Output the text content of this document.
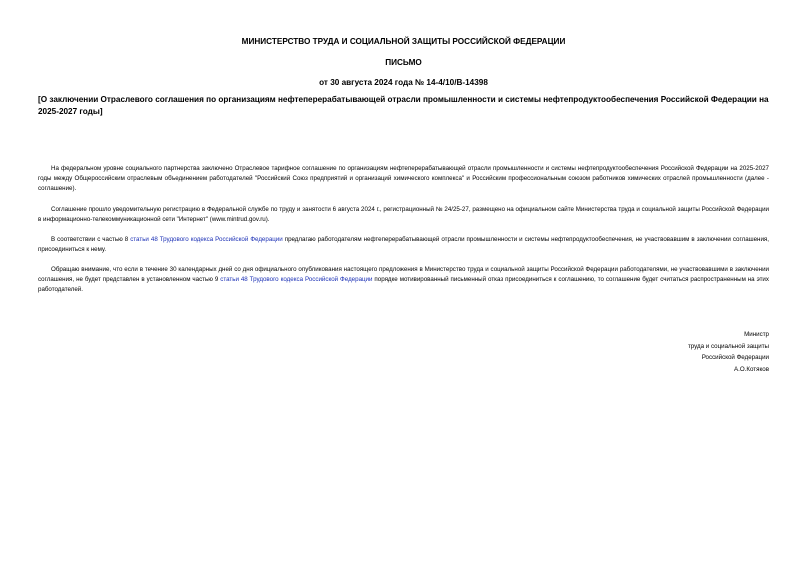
МИНИСТЕРСТВО ТРУДА И СОЦИАЛЬНОЙ ЗАЩИТЫ РОССИЙСКОЙ ФЕДЕРАЦИИ
ПИСЬМО
от 30 августа 2024 года № 14-4/10/В-14398
[О заключении Отраслевого соглашения по организациям нефтеперерабатывающей отрасли промышленности и системы нефтепродуктообеспечения Российской Федерации на 2025-2027 годы]

На федеральном уровне социального партнерства заключено Отраслевое тарифное соглашение по организациям нефтеперерабатывающей отрасли промышленности и системы нефтепродуктообеспечения Российской Федерации на 2025-2027 годы между Общероссийским отраслевым объединением работодателей "Российский Союз предприятий и организаций химического комплекса" и Российским профессиональным союзом работников химических отраслей промышленности (далее - соглашение).

Соглашение прошло уведомительную регистрацию в Федеральной службе по труду и занятости 6 августа 2024 г., регистрационный № 24/25-27, размещено на официальном сайте Министерства труда и социальной защиты Российской Федерации в информационно-телекоммуникационной сети "Интернет" (www.mintrud.gov.ru).

В соответствии с частью 8 статьи 48 Трудового кодекса Российской Федерации предлагаю работодателям нефтеперерабатывающей отрасли промышленности и системы нефтепродуктообеспечения, не участвовавшим в заключении соглашения, присоединиться к нему.

Обращаю внимание, что если в течение 30 календарных дней со дня официального опубликования настоящего предложения в Министерство труда и социальной защиты Российской Федерации работодателями, не участвовавшими в заключении соглашения, не будет представлен в установленном частью 9 статьи 48 Трудового кодекса Российской Федерации порядке мотивированный письменный отказ присоединиться к соглашению, то соглашение будет считаться распространенным на этих работодателей.

Министр
труда и социальной защиты
Российской Федерации
А.О.Котяков
